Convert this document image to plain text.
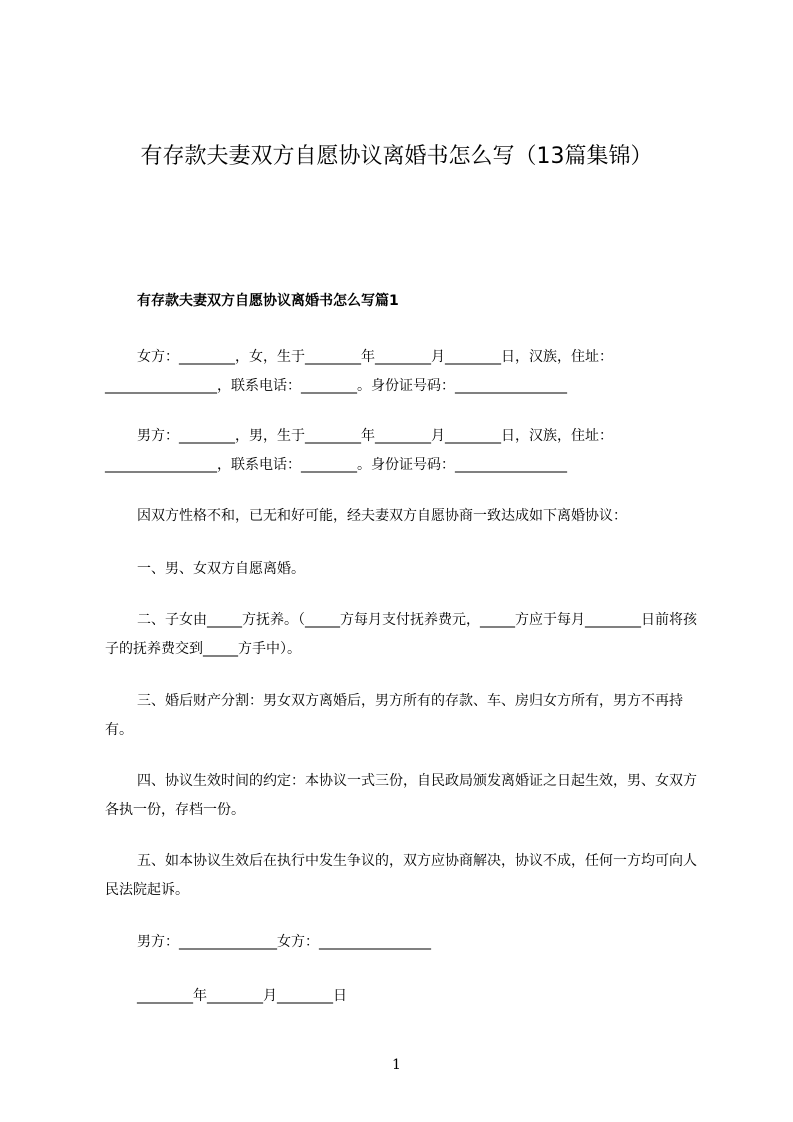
有存款夫妻双方自愿协议离婚书怎么写（13篇集锦）
有存款夫妻双方自愿协议离婚书怎么写篇1
女方：________，女，生于________年________月________日，汉族，住址：________________，联系电话：________。身份证号码：________________
男方：________，男，生于________年________月________日，汉族，住址：________________，联系电话：________。身份证号码：________________
因双方性格不和，已无和好可能，经夫妻双方自愿协商一致达成如下离婚协议：
一、男、女双方自愿离婚。
二、子女由_____方抚养。（_____方每月支付抚养费元，_____方应于每月________日前将孩子的抚养费交到_____方手中）。
三、婚后财产分割：男女双方离婚后，男方所有的存款、车、房归女方所有，男方不再持有。
四、协议生效时间的约定：本协议一式三份，自民政局颁发离婚证之日起生效，男、女双方各执一份，存档一份。
五、如本协议生效后在执行中发生争议的，双方应协商解决，协议不成，任何一方均可向人民法院起诉。
男方：______________女方：________________
________年________月________日
1
